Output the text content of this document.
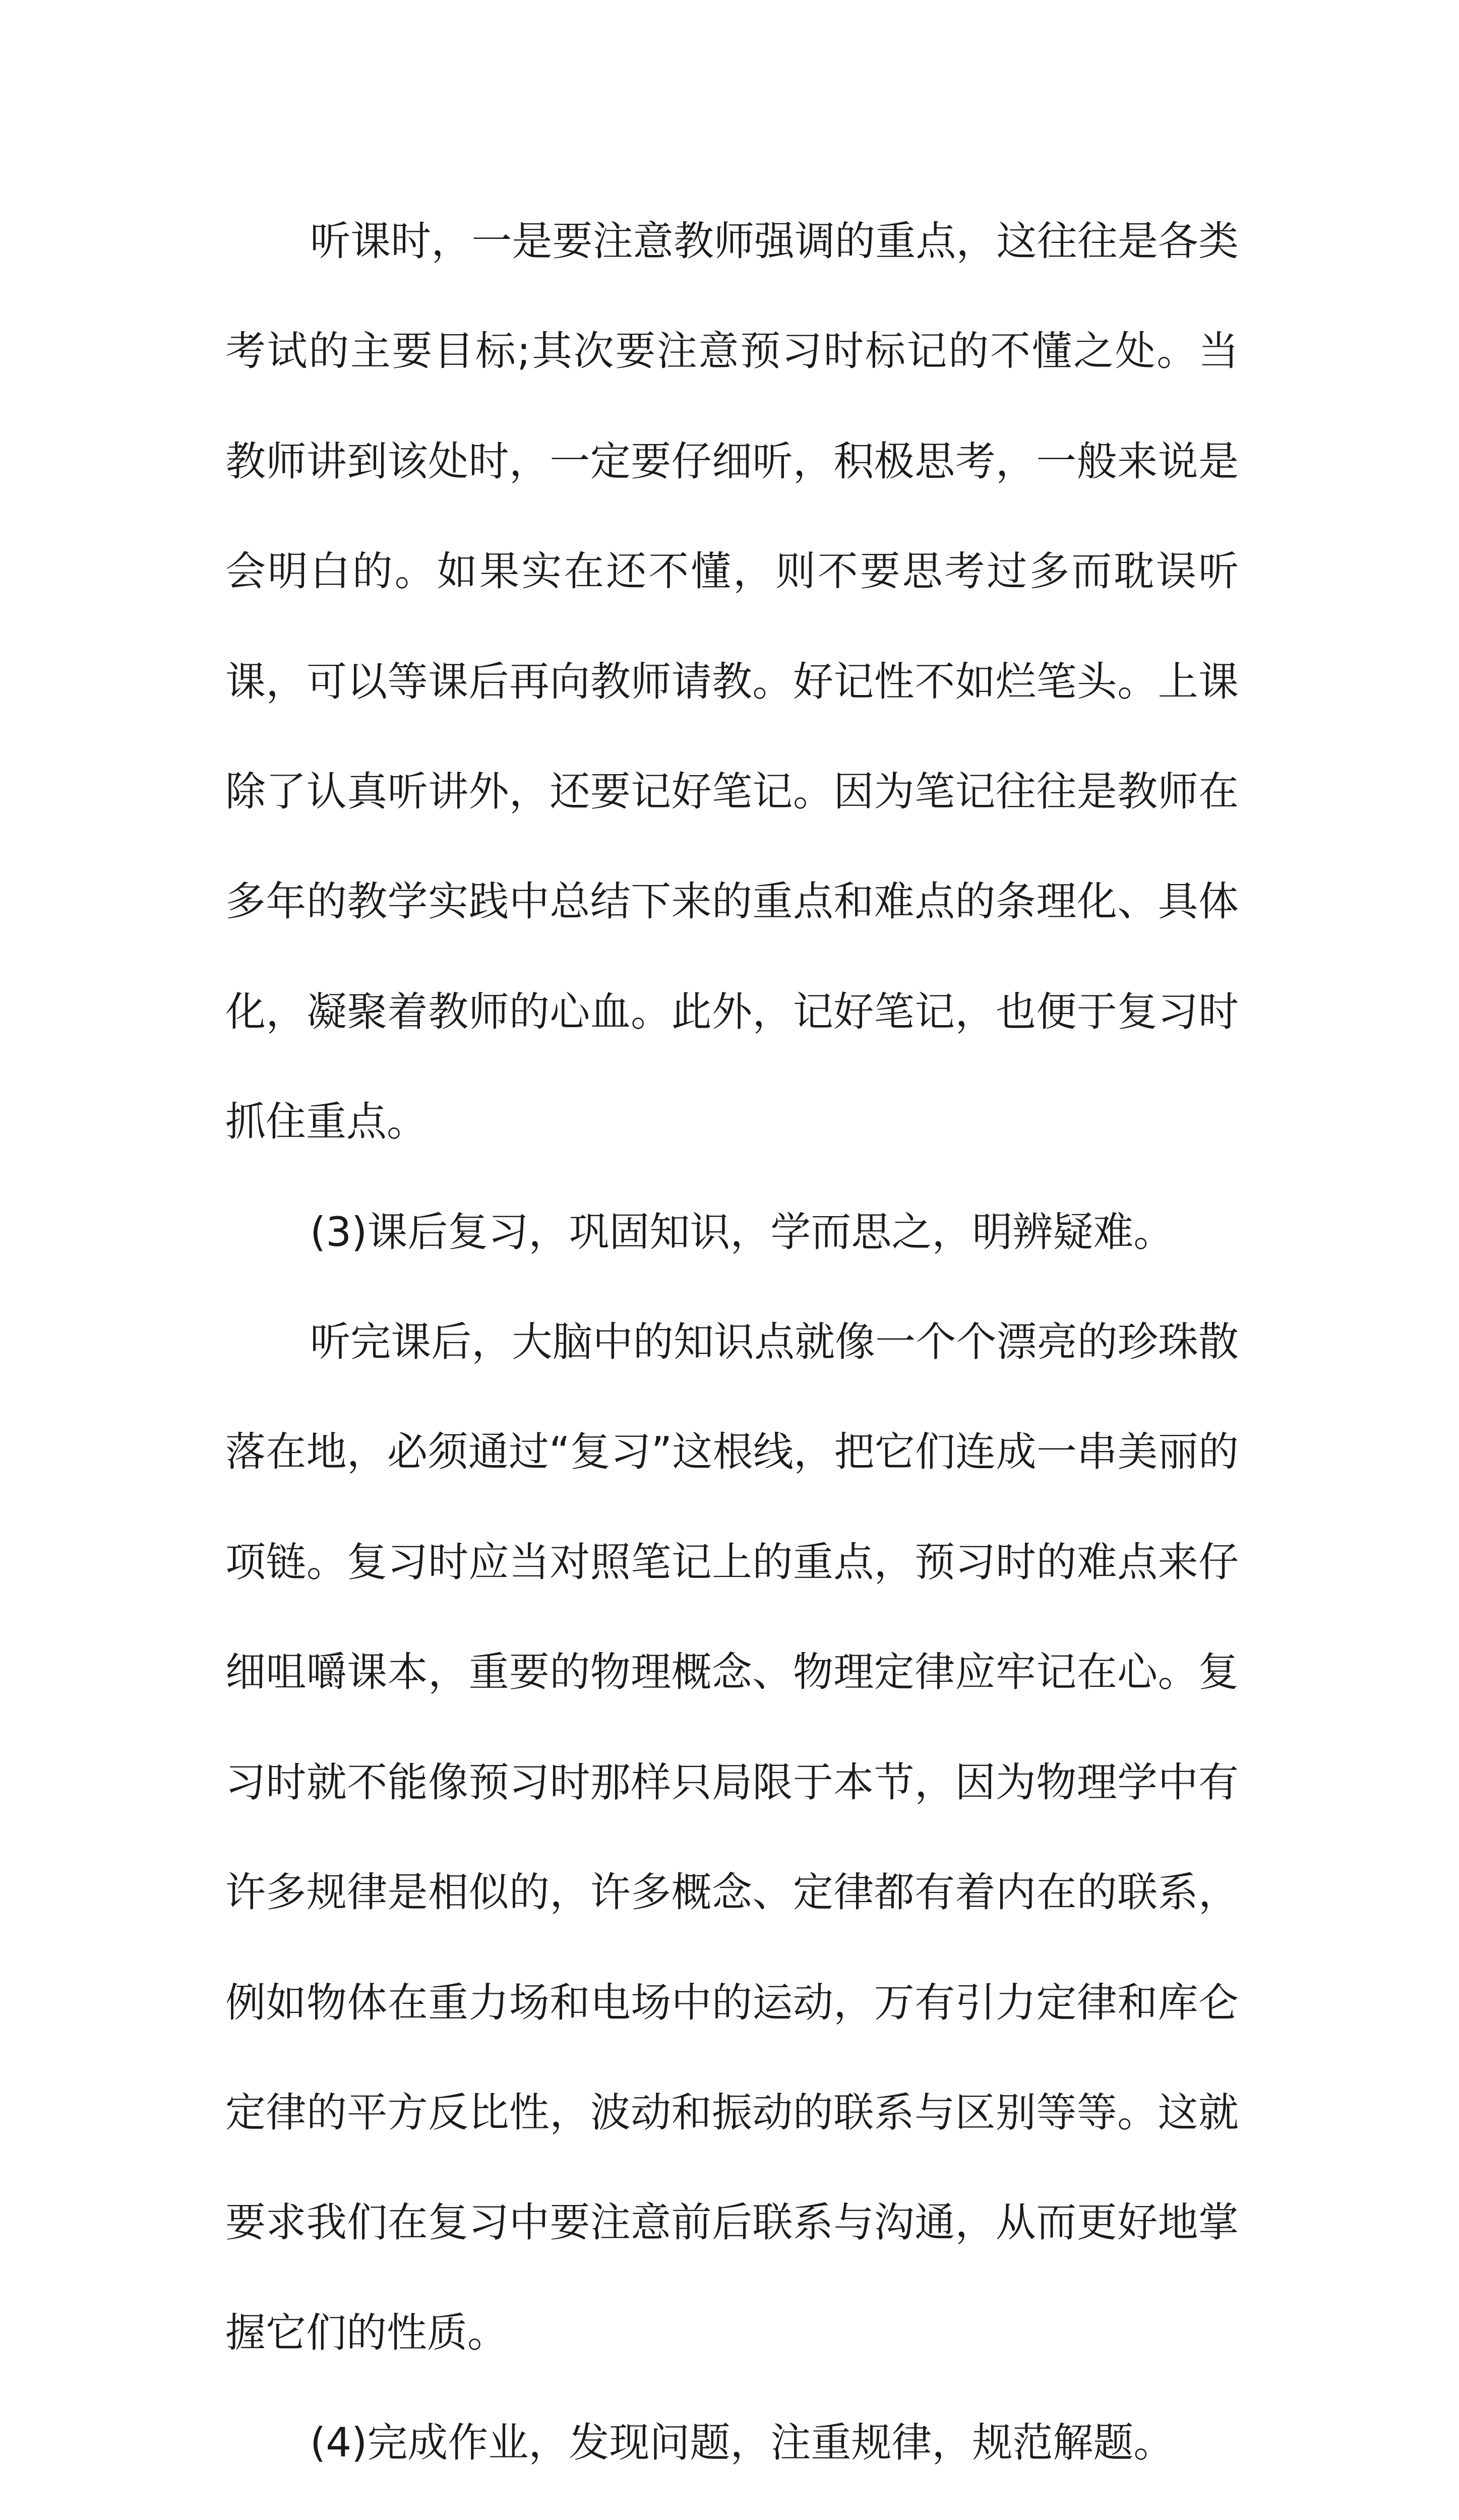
听课时，一是要注意教师强调的重点，这往往是各类考试的主要目标;其次要注意预习时标记的不懂之处。当教师讲到该处时，一定要仔细听，积极思考，一般来说是会明白的。如果实在还不懂，则不要思考过多而耽误听课，可以等课后再向教师请教。好记性不如烂笔头。上课除了认真听讲外，还要记好笔记。因为笔记往往是教师在多年的教学实践中总结下来的重点和难点的条理化、具体化，凝聚着教师的心血。此外，记好笔记，也便于复习时抓住重点。

(3)课后复习，巩固知识，学而思之，明辨疑难。

听完课后，大脑中的知识点就像一个个漂亮的珍珠散落在地，必须通过“复习”这根线，把它们连成一串美丽的项链。复习时应当对照笔记上的重点，预习时的难点来仔细咀嚼课本，重要的物理概念、物理定律应牢记在心。复习时就不能像预习时那样只局限于本节，因为物理学中有许多规律是相似的，许多概念、定律都有着内在的联系，例如物体在重力场和电场中的运动，万有引力定律和库仑定律的平方反比性，波动和振动的联系与区别等等。这就要求我们在复习中要注意前后联系与沟通，从而更好地掌握它们的性质。

(4)完成作业，发现问题，注重规律，规范解题。
